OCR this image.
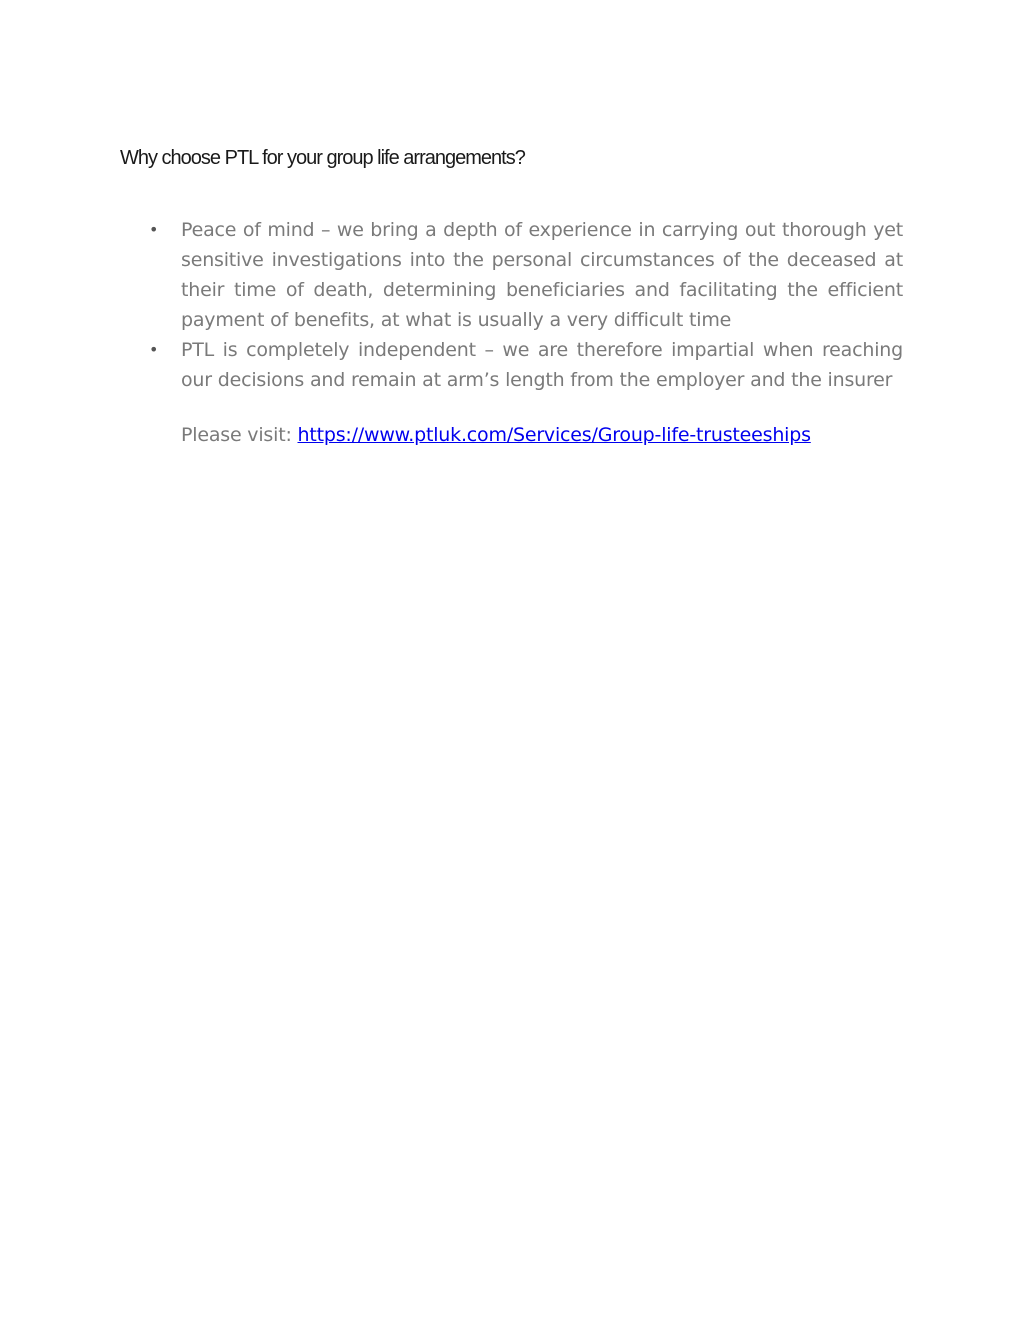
Why choose PTL for your group life arrangements?
• Peace of mind – we bring a depth of experience in carrying out thorough yet sensitive investigations into the personal circumstances of the deceased at their time of death, determining beneficiaries and facilitating the efficient payment of benefits, at what is usually a very difficult time
• PTL is completely independent – we are therefore impartial when reaching our decisions and remain at arm’s length from the employer and the insurer

Please visit: https://www.ptluk.com/Services/Group-life-trusteeships
